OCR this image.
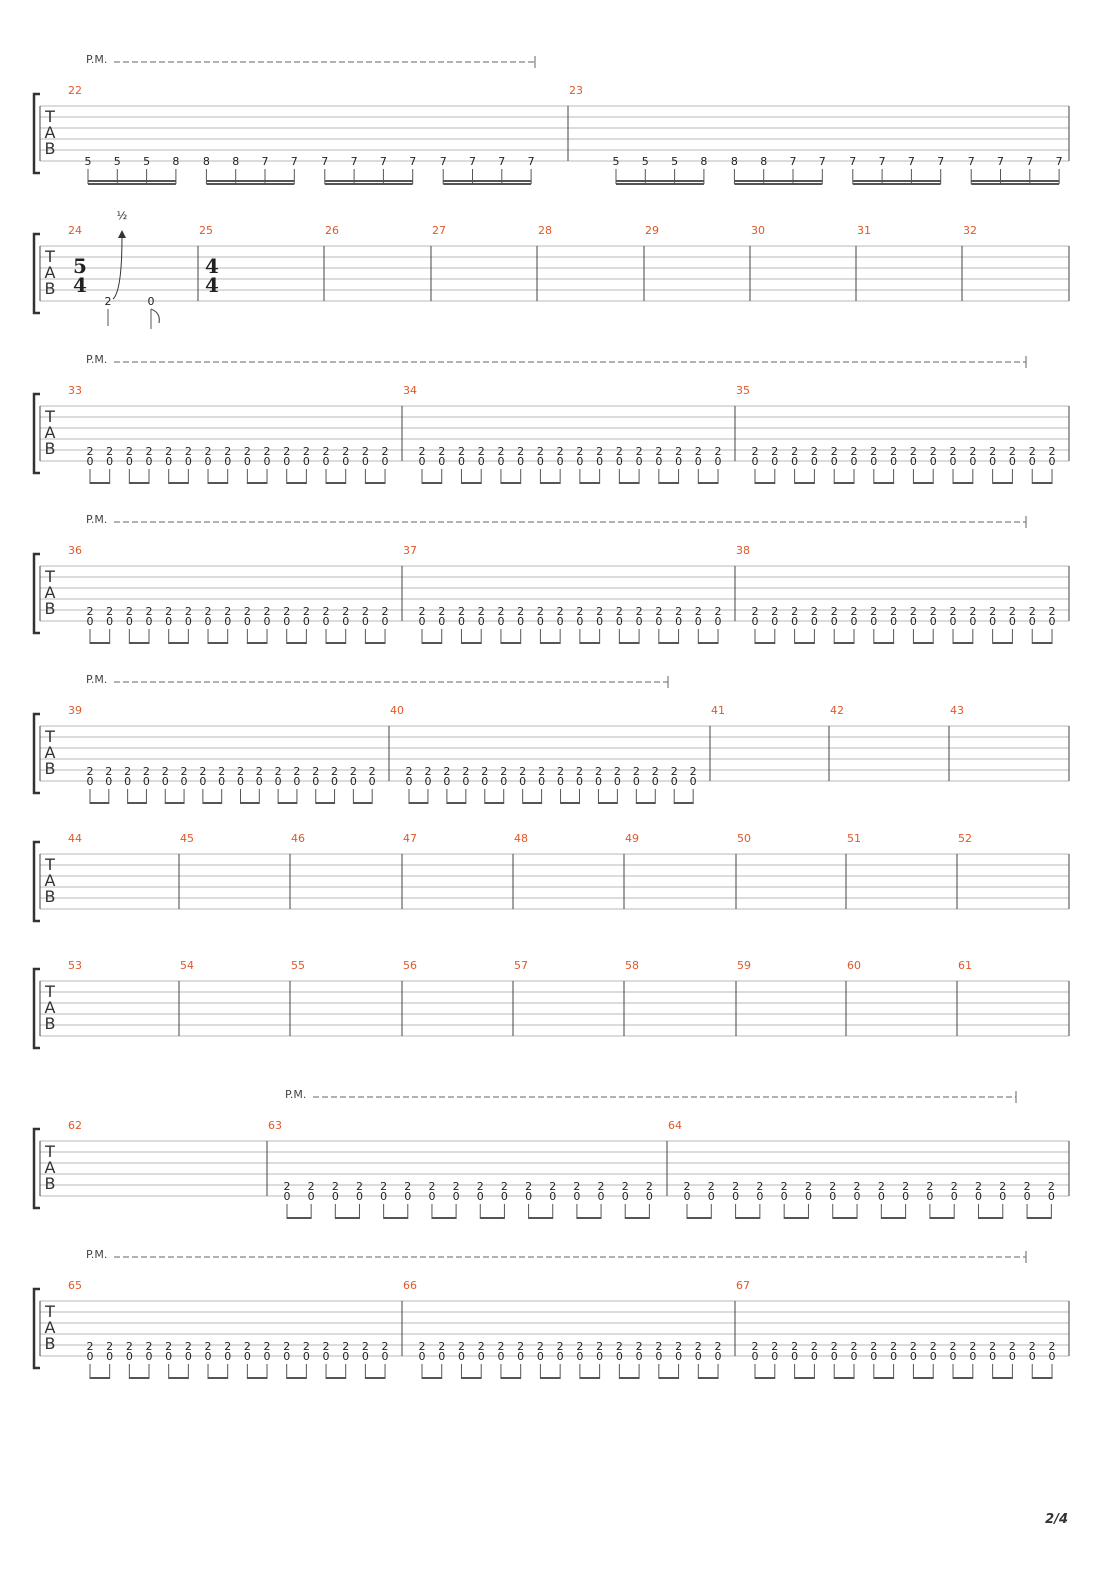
P.M.
T
A
B
22
5 5 5 8 8 8 7 7 7 7 7 7 7 7 7 7
23
5 5 5 8 8 8 7 7 7 7 7 7 7 7 7 7
T
A
B
24
5
4
2	0
½
25
4
4
26	27	28	29	30	31	32
P.M.
T
A
B
33
2
0
2
0
2
0
2
0
2
0
2
0
2
0
2
0
2
0
2
0
2
0
2
0
2
0
2
0
2
0
2
0
34
2
0
2
0
2
0
2
0
2
0
2
0
2
0
2
0
2
0
2
0
2
0
2
0
2
0
2
0
2
0
2
0
35
2
0
2
0
2
0
2
0
2
0
2
0
2
0
2
0
2
0
2
0
2
0
2
0
2
0
2
0
2
0
2
0
P.M.
T
A
B
36
2
0
2
0
2
0
2
0
2
0
2
0
2
0
2
0
2
0
2
0
2
0
2
0
2
0
2
0
2
0
2
0
37
2
0
2
0
2
0
2
0
2
0
2
0
2
0
2
0
2
0
2
0
2
0
2
0
2
0
2
0
2
0
2
0
38
2
0
2
0
2
0
2
0
2
0
2
0
2
0
2
0
2
0
2
0
2
0
2
0
2
0
2
0
2
0
2
0
P.M.
T
A
B
39
2
0
2
0
2
0
2
0
2
0
2
0
2
0
2
0
2
0
2
0
2
0
2
0
2
0
2
0
2
0
2
0
40
2
0
2
0
2
0
2
0
2
0
2
0
2
0
2
0
2
0
2
0
2
0
2
0
2
0
2
0
2
0
2
0
41	42	43
T
A
B
44	45	46	47	48	49	50	51	52
T
A
B
53	54	55	56	57	58	59	60	61
P.M.
T
A
B
62	63
2
0
2
0
2
0
2
0
2
0
2
0
2
0
2
0
2
0
2
0
2
0
2
0
2
0
2
0
2
0
2
0
64
2
0
2
0
2
0
2
0
2
0
2
0
2
0
2
0
2
0
2
0
2
0
2
0
2
0
2
0
2
0
2
0
P.M.
T
A
B
65
2
0
2
0
2
0
2
0
2
0
2
0
2
0
2
0
2
0
2
0
2
0
2
0
2
0
2
0
2
0
2
0
66
2
0
2
0
2
0
2
0
2
0
2
0
2
0
2
0
2
0
2
0
2
0
2
0
2
0
2
0
2
0
2
0
67
2
0
2
0
2
0
2
0
2
0
2
0
2
0
2
0
2
0
2
0
2
0
2
0
2
0
2
0
2
0
2
0
2/4
